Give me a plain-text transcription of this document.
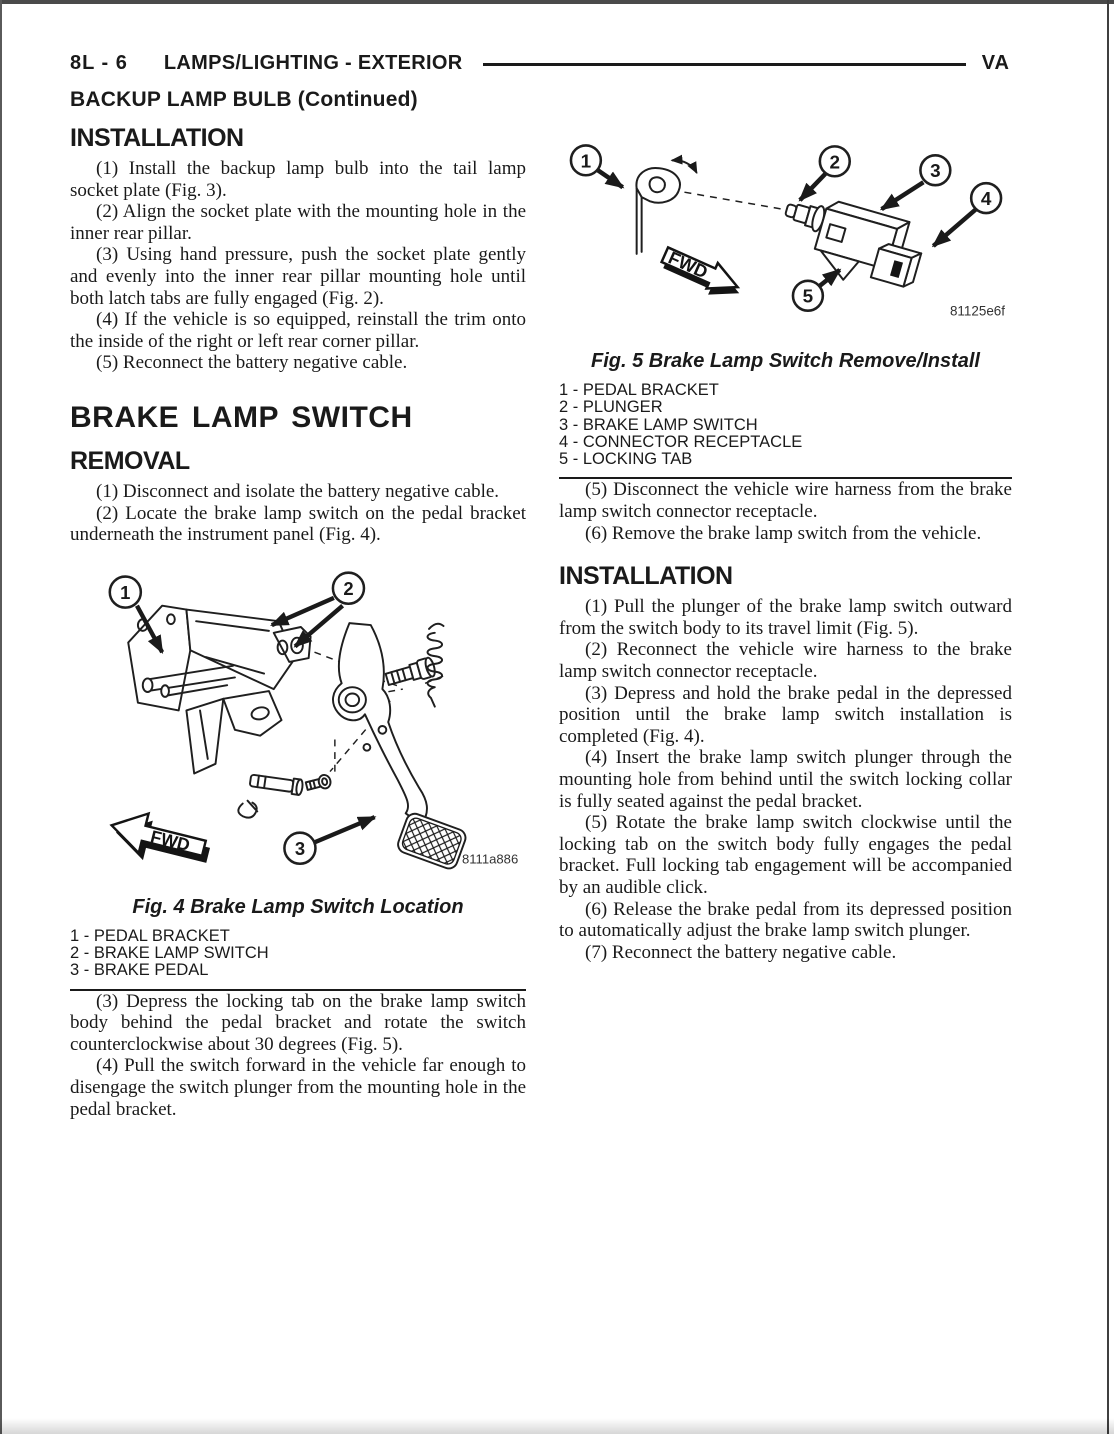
8L - 6 LAMPS/LIGHTING - EXTERIOR	VA
BACKUP LAMP BULB (Continued)
INSTALLATION

(1) Install the backup lamp bulb into the tail lamp socket plate (Fig. 3).

(2) Align the socket plate with the mounting hole in the inner rear pillar.

(3) Using hand pressure, push the socket plate gently and evenly into the inner rear pillar mounting hole until both latch tabs are fully engaged (Fig. 2).

(4) If the vehicle is so equipped, reinstall the trim onto the inside of the right or left rear corner pillar.

(5) Reconnect the battery negative cable.

BRAKE LAMP SWITCH
REMOVAL

(1) Disconnect and isolate the battery negative cable.

(2) Locate the brake lamp switch on the pedal bracket underneath the instrument panel (Fig. 4).

1	2
3
FWD
8111a886
Fig. 4 Brake Lamp Switch Location
1 - PEDAL BRACKET
2 - BRAKE LAMP SWITCH
3 - BRAKE PEDAL

(3) Depress the locking tab on the brake lamp switch body behind the pedal bracket and rotate the switch counterclockwise about 30 degrees (Fig. 5).

(4) Pull the switch forward in the vehicle far enough to disengage the switch plunger from the mounting hole in the pedal bracket.

1	2	3
4
5
FWD
81125e6f
Fig. 5 Brake Lamp Switch Remove/Install
1 - PEDAL BRACKET
2 - PLUNGER
3 - BRAKE LAMP SWITCH
4 - CONNECTOR RECEPTACLE
5 - LOCKING TAB

(5) Disconnect the vehicle wire harness from the brake lamp switch connector receptacle.

(6) Remove the brake lamp switch from the vehicle.

INSTALLATION

(1) Pull the plunger of the brake lamp switch outward from the switch body to its travel limit (Fig. 5).

(2) Reconnect the vehicle wire harness to the brake lamp switch connector receptacle.

(3) Depress and hold the brake pedal in the depressed position until the brake lamp switch installation is completed (Fig. 4).

(4) Insert the brake lamp switch plunger through the mounting hole from behind until the switch locking collar is fully seated against the pedal bracket.

(5) Rotate the brake lamp switch clockwise until the locking tab on the switch body fully engages the pedal bracket. Full locking tab engagement will be accompanied by an audible click.

(6) Release the brake pedal from its depressed position to automatically adjust the brake lamp switch plunger.

(7) Reconnect the battery negative cable.
